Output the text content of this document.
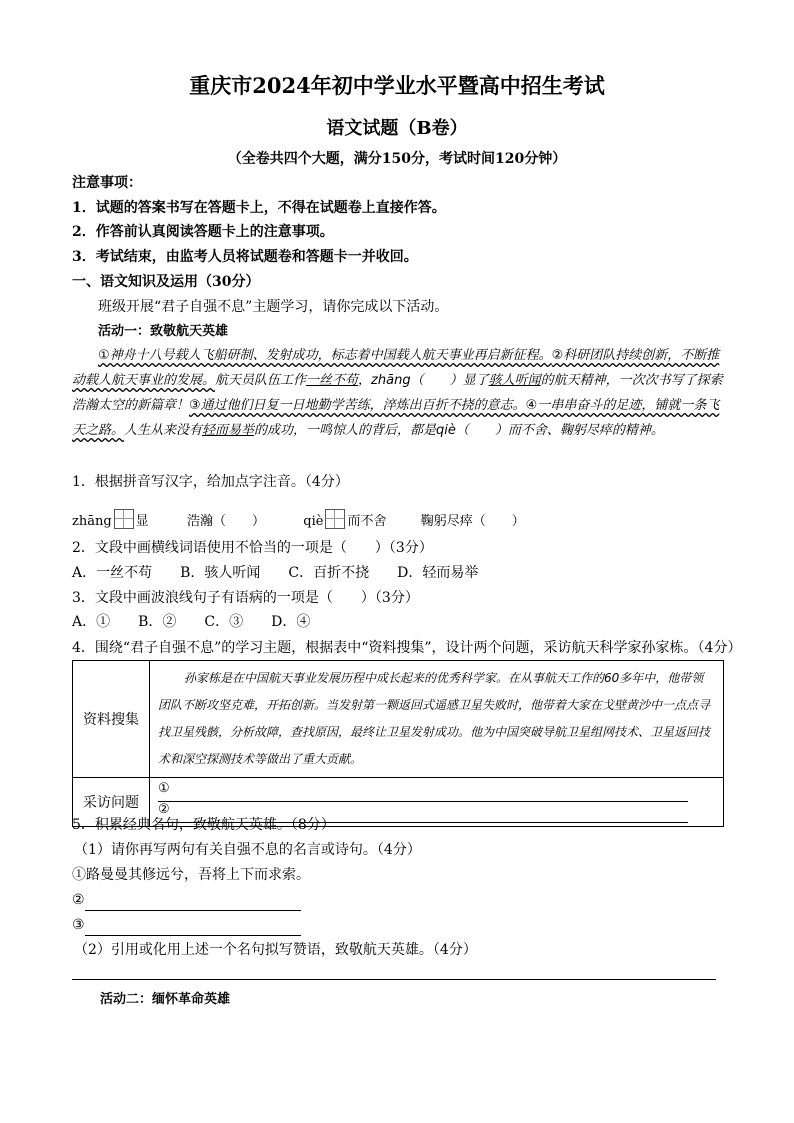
重庆市2024年初中学业水平暨高中招生考试
语文试题（B卷）
（全卷共四个大题，满分150分，考试时间120分钟）
注意事项：
1．试题的答案书写在答题卡上，不得在试题卷上直接作答。
2．作答前认真阅读答题卡上的注意事项。
3．考试结束，由监考人员将试题卷和答题卡一并收回。
一、语文知识及运用（30分）
班级开展“君子自强不息”主题学习，请你完成以下活动。
活动一：致敬航天英雄
①神舟十八号载人飞船研制、发射成功，标志着中国载人航天事业再启新征程。②科研团队持续创新，不断推动载人航天事业的发展。航天员队伍工作一丝不苟，zhāng（　　）显了骇人听闻的航天精神，一次次书写了探索浩瀚太空的新篇章！③通过他们日复一日地勤学苦练，淬炼出百折不挠的意志。④一串串奋斗的足迹，铺就一条飞天之路。人生从来没有轻而易举的成功，一鸣惊人的背后，都是qiè（　　）而不舍、鞠躬尽瘁的精神。
1．根据拼音写汉字，给加点字注音。（4分）
zhāng 显	浩瀚（　　）	qiè 而不舍	鞠躬尽瘁（　　）
2．文段中画横线词语使用不恰当的一项是（　　）（3分）
A．一丝不苟　　B．骇人听闻　　C．百折不挠　　D．轻而易举
3．文段中画波浪线句子有语病的一项是（　　）（3分）
A．①　　B．②　　C．③　　D．④
4．围绕“君子自强不息”的学习主题，根据表中“资料搜集”，设计两个问题，采访航天科学家孙家栋。（4分）
资料搜集	孙家栋是在中国航天事业发展历程中成长起来的优秀科学家。在从事航天工作的60多年中，他带领团队不断攻坚克难，开拓创新。当发射第一颗返回式遥感卫星失败时，他带着大家在戈壁黄沙中一点点寻找卫星残骸，分析故障，查找原因，最终让卫星发射成功。他为中国突破导航卫星组网技术、卫星返回技术和深空探测技术等做出了重大贡献。
采访问题	①
②
5．积累经典名句，致敬航天英雄。（8分）
（1）请你再写两句有关自强不息的名言或诗句。（4分）
①路曼曼其修远兮，吾将上下而求索。
②
③
（2）引用或化用上述一个名句拟写赞语，致敬航天英雄。（4分）
活动二：缅怀革命英雄
